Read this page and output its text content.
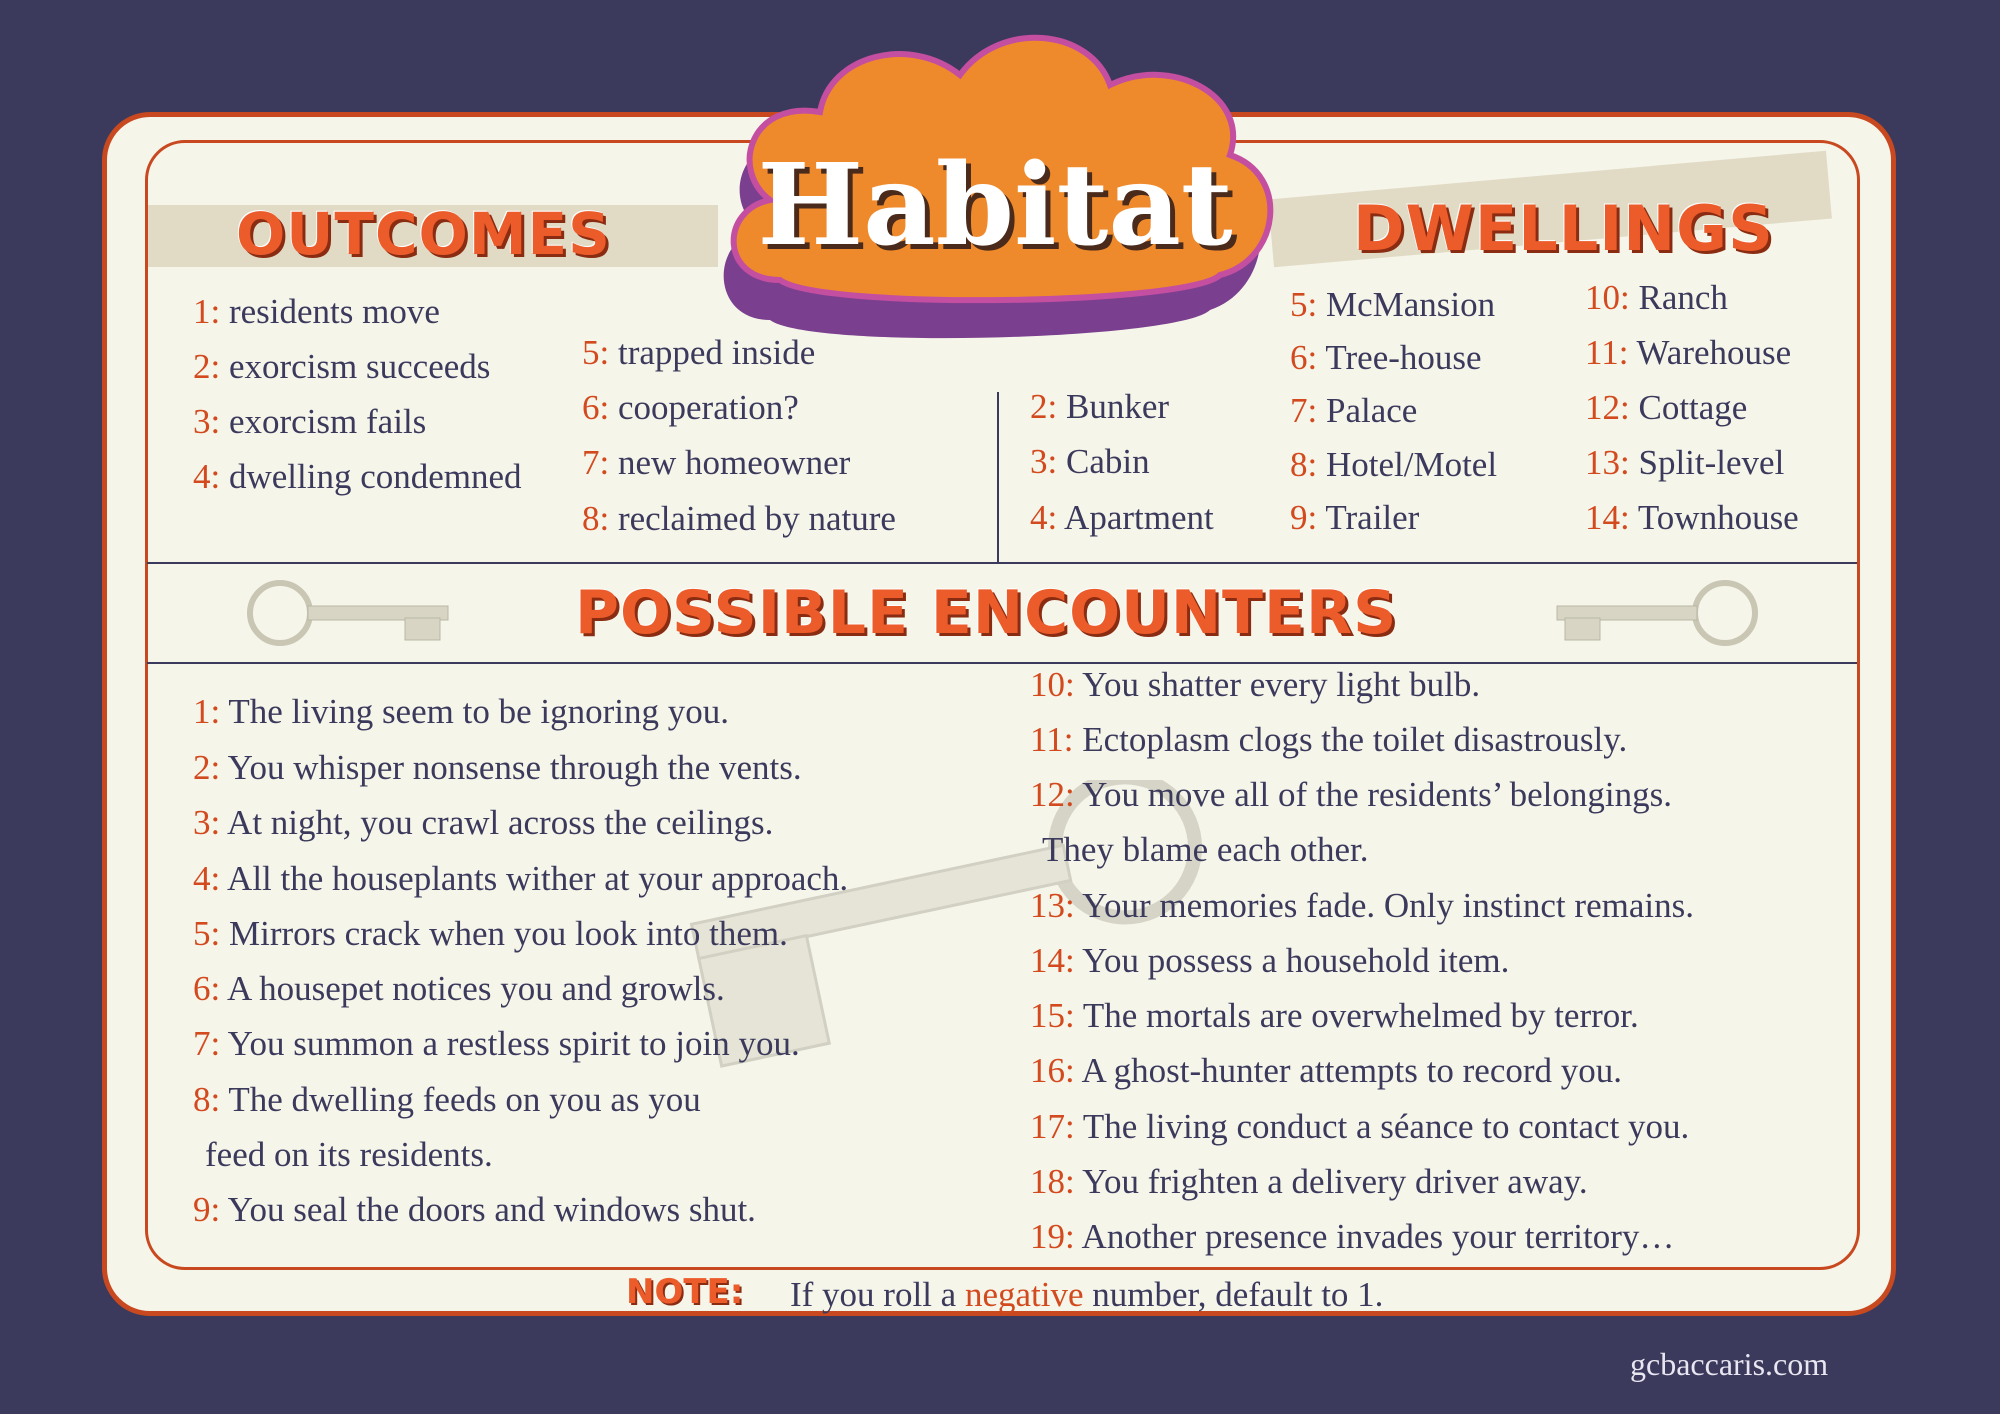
Habitat
OUTCOMES	DWELLINGS
POSSIBLE ENCOUNTERS
1: residents move
2: exorcism succeeds
3: exorcism fails
4: dwelling condemned
5: trapped inside
6: cooperation?
7: new homeowner
8: reclaimed by nature
2: Bunker
3: Cabin
4: Apartment
5: McMansion
6: Tree-house
7: Palace
8: Hotel/Motel
9: Trailer
10: Ranch
11: Warehouse
12: Cottage
13: Split-level
14: Townhouse
1: The living seem to be ignoring you.
2: You whisper nonsense through the vents.
3: At night, you crawl across the ceilings.
4: All the houseplants wither at your approach.
5: Mirrors crack when you look into them.
6: A housepet notices you and growls.
7: You summon a restless spirit to join you.
8: The dwelling feeds on you as you
feed on its residents.
9: You seal the doors and windows shut.
10: You shatter every light bulb.
11: Ectoplasm clogs the toilet disastrously.
12: You move all of the residents’ belongings.
They blame each other.
13: Your memories fade. Only instinct remains.
14: You possess a household item.
15: The mortals are overwhelmed by terror.
16: A ghost-hunter attempts to record you.
17: The living conduct a séance to contact you.
18: You frighten a delivery driver away.
19: Another presence invades your territory…
NOTE: If you roll a negative number, default to 1.
gcbaccaris.com
